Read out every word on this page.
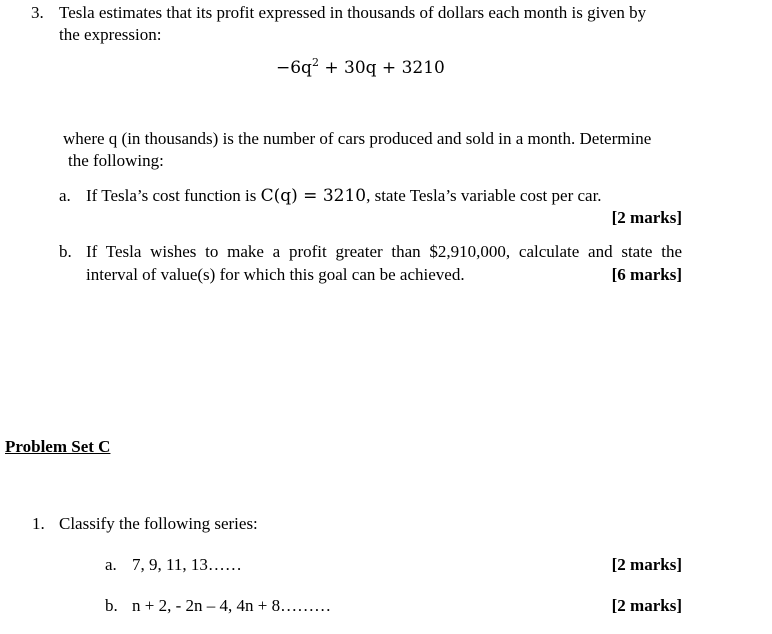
3. Tesla estimates that its profit expressed in thousands of dollars each month is given by
the expression:
$-6q^2 + 30q + 3210$
where q (in thousands) is the number of cars produced and sold in a month. Determine
the following:
a. If Tesla’s cost function is C(q) = 3210, state Tesla’s variable cost per car.
[2 marks]
b. If Tesla wishes to make a profit greater than $2,910,000, calculate and state the
interval of value(s) for which this goal can be achieved.	[6 marks]
Problem Set C
1. Classify the following series:
a. 7, 9, 11, 13……	[2 marks]
b. n + 2, - 2n – 4, 4n + 8………	[2 marks]
